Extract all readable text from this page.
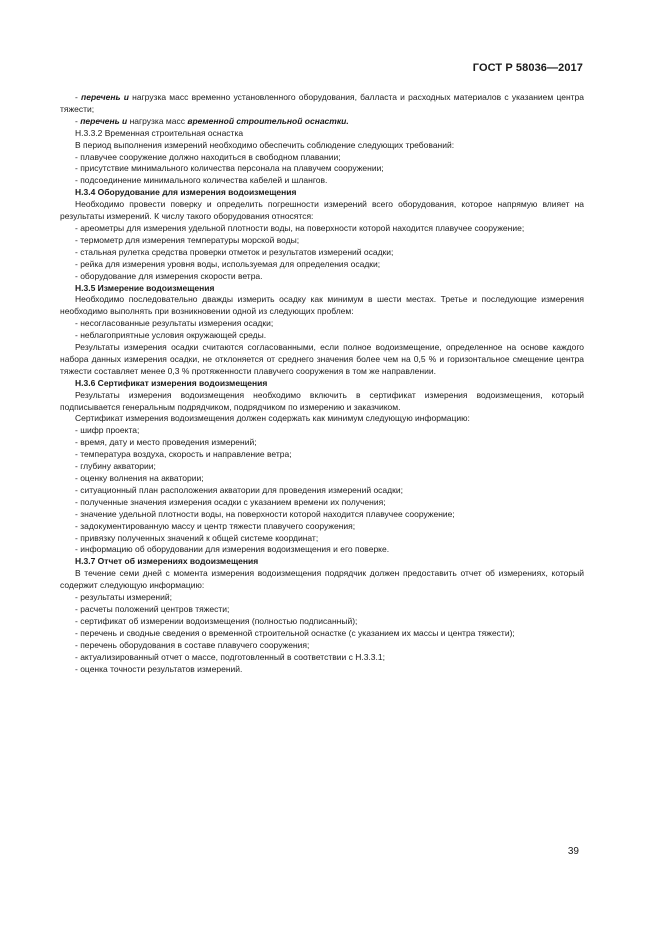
ГОСТ Р 58036—2017

- перечень и нагрузка масс временно установленного оборудования, балласта и расходных материалов с указанием центра тяжести;

- перечень и нагрузка масс временной строительной оснастки.

Н.3.3.2 Временная строительная оснастка

В период выполнения измерений необходимо обеспечить соблюдение следующих требований:

- плавучее сооружение должно находиться в свободном плавании;

- присутствие минимального количества персонала на плавучем сооружении;

- подсоединение минимального количества кабелей и шлангов.

Н.3.4 Оборудование для измерения водоизмещения

Необходимо провести поверку и определить погрешности измерений всего оборудования, которое напрямую влияет на результаты измерений. К числу такого оборудования относятся:

- ареометры для измерения удельной плотности воды, на поверхности которой находится плавучее сооружение;

- термометр для измерения температуры морской воды;

- стальная рулетка средства проверки отметок и результатов измерений осадки;

- рейка для измерения уровня воды, используемая для определения осадки;

- оборудование для измерения скорости ветра.

Н.3.5 Измерение водоизмещения

Необходимо последовательно дважды измерить осадку как минимум в шести местах. Третье и последующие измерения необходимо выполнять при возникновении одной из следующих проблем:

- несогласованные результаты измерения осадки;

- неблагоприятные условия окружающей среды.

Результаты измерения осадки считаются согласованными, если полное водоизмещение, определенное на основе каждого набора данных измерения осадки, не отклоняется от среднего значения более чем на 0,5 % и горизонтальное смещение центра тяжести составляет менее 0,3 % протяженности плавучего сооружения в том же направлении.

Н.3.6 Сертификат измерения водоизмещения

Результаты измерения водоизмещения необходимо включить в сертификат измерения водоизмещения, который подписывается генеральным подрядчиком, подрядчиком по измерению и заказчиком.

Сертификат измерения водоизмещения должен содержать как минимум следующую информацию:

- шифр проекта;

- время, дату и место проведения измерений;

- температура воздуха, скорость и направление ветра;

- глубину акватории;

- оценку волнения на акватории;

- ситуационный план расположения акватории для проведения измерений осадки;

- полученные значения измерения осадки с указанием времени их получения;

- значение удельной плотности воды, на поверхности которой находится плавучее сооружение;

- задокументированную массу и центр тяжести плавучего сооружения;

- привязку полученных значений к общей системе координат;

- информацию об оборудовании для измерения водоизмещения и его поверке.

Н.3.7 Отчет об измерениях водоизмещения

В течение семи дней с момента измерения водоизмещения подрядчик должен предоставить отчет об измерениях, который содержит следующую информацию:

- результаты измерений;

- расчеты положений центров тяжести;

- сертификат об измерении водоизмещения (полностью подписанный);

- перечень и сводные сведения о временной строительной оснастке (с указанием их массы и центра тяжести);

- перечень оборудования в составе плавучего сооружения;

- актуализированный отчет о массе, подготовленный в соответствии с Н.3.3.1;

- оценка точности результатов измерений.

39
